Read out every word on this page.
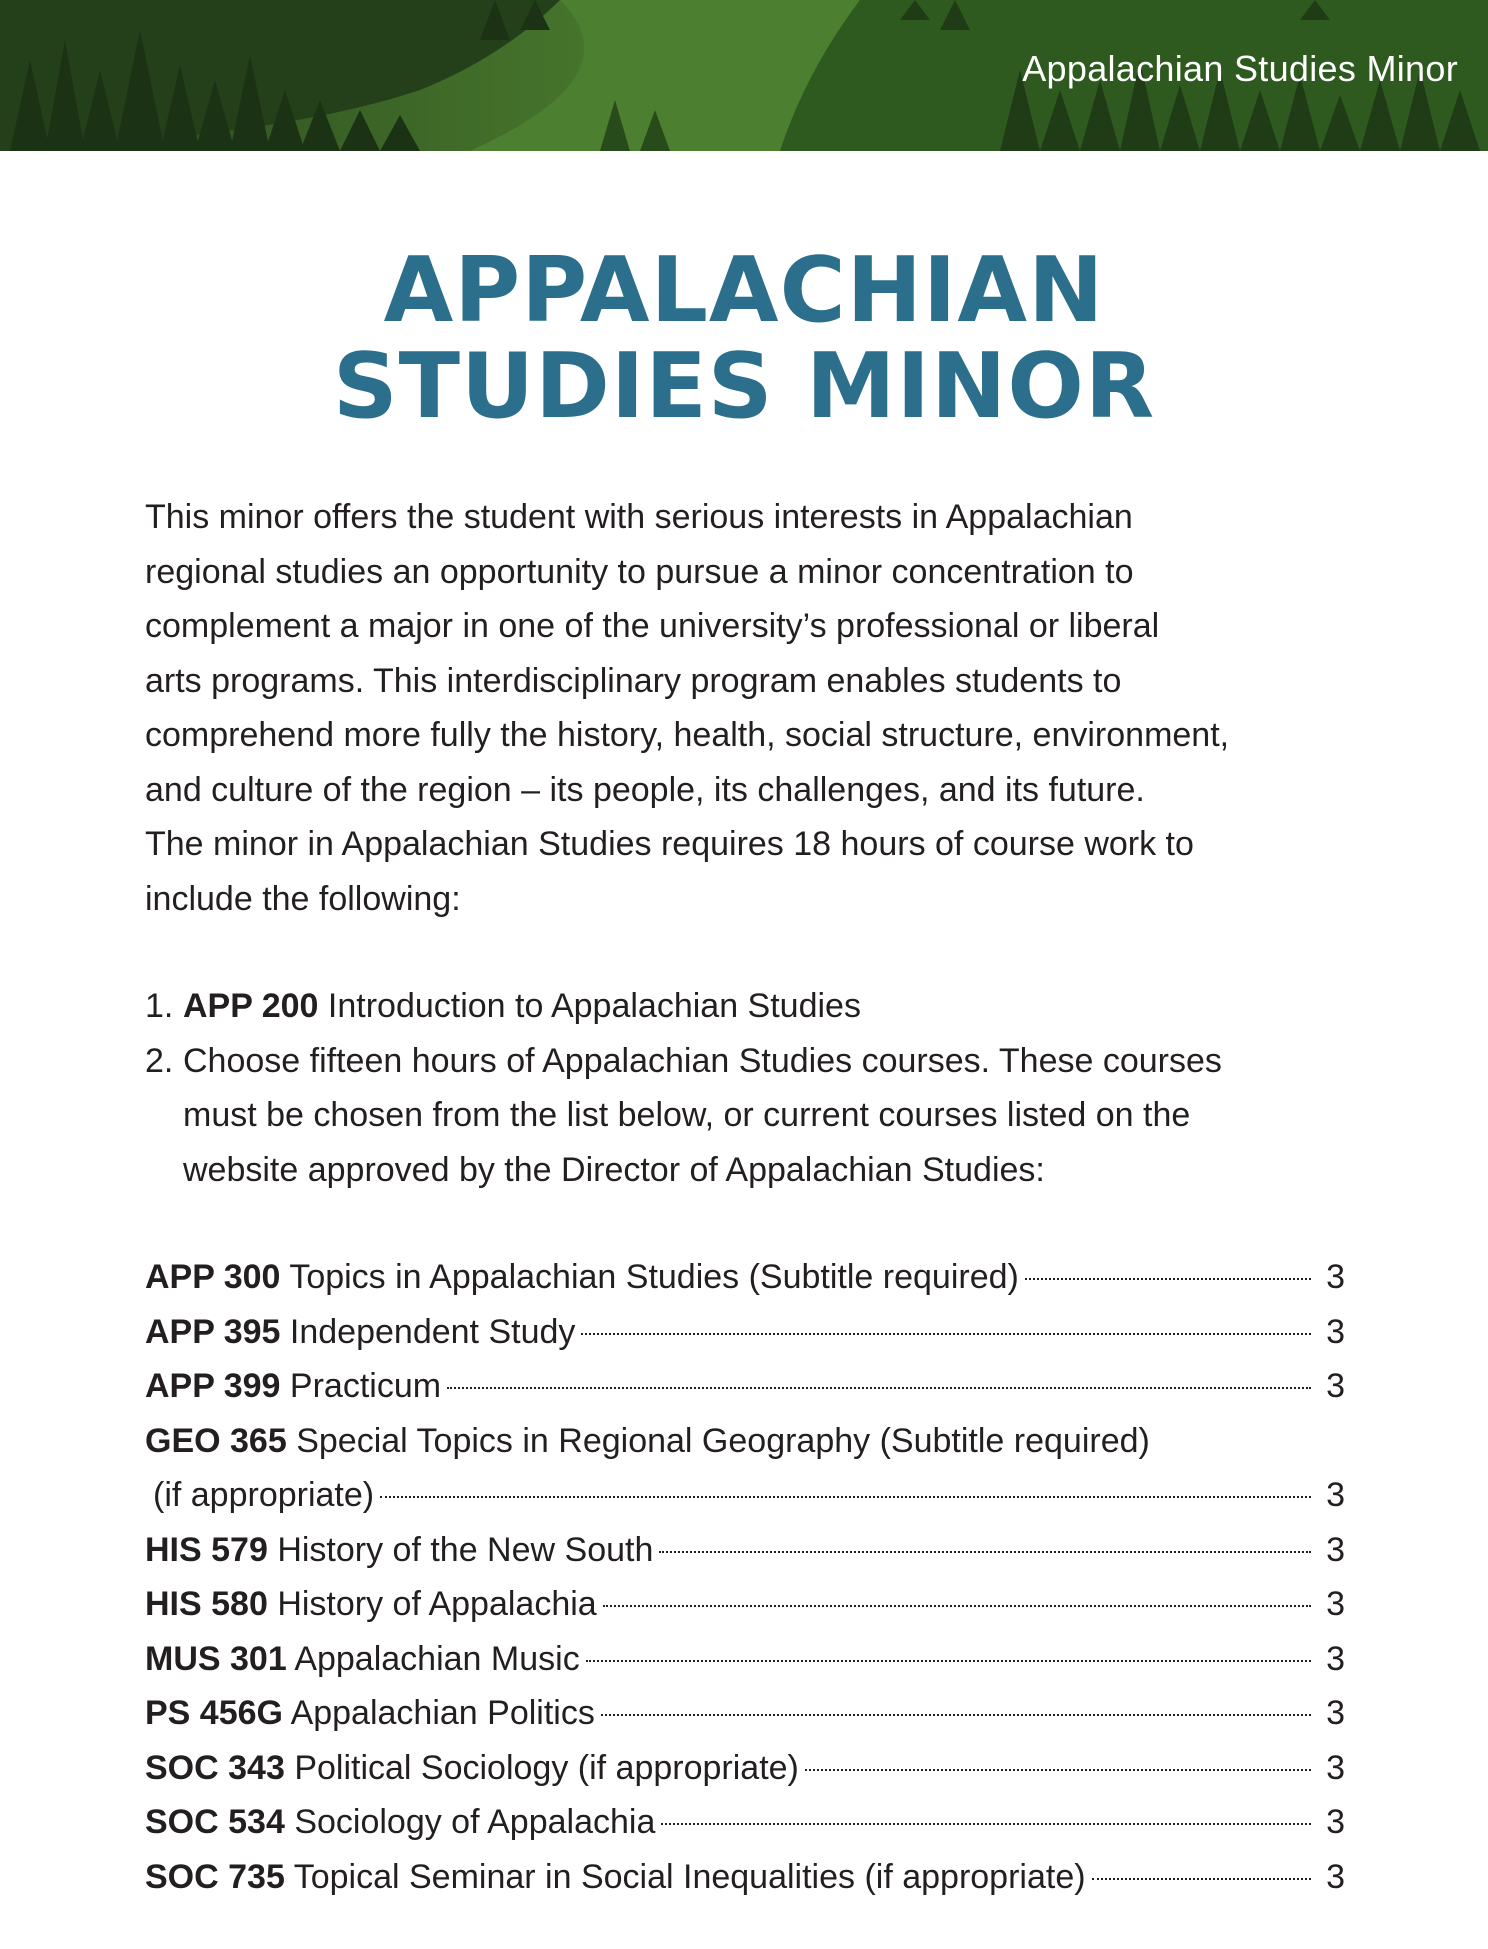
Appalachian Studies Minor
APPALACHIAN
STUDIES MINOR

This minor offers the student with serious interests in Appalachian

regional studies an opportunity to pursue a minor concentration to

complement a major in one of the university’s professional or liberal

arts programs. This interdisciplinary program enables students to

comprehend more fully the history, health, social structure, environment,

and culture of the region – its people, its challenges, and its future.

The minor in Appalachian Studies requires 18 hours of course work to

include the following:

1. APP 200 Introduction to Appalachian Studies
2. Choose fifteen hours of Appalachian Studies courses. These courses
must be chosen from the list below, or current courses listed on the
website approved by the Director of Appalachian Studies:
APP 300 Topics in Appalachian Studies (Subtitle required)	3
APP 395 Independent Study	3
APP 399 Practicum	3
GEO 365 Special Topics in Regional Geography (Subtitle required)
(if appropriate)	3
HIS 579 History of the New South	3
HIS 580 History of Appalachia	3
MUS 301 Appalachian Music	3
PS 456G Appalachian Politics	3
SOC 343 Political Sociology (if appropriate)	3
SOC 534 Sociology of Appalachia	3
SOC 735 Topical Seminar in Social Inequalities (if appropriate)	3
